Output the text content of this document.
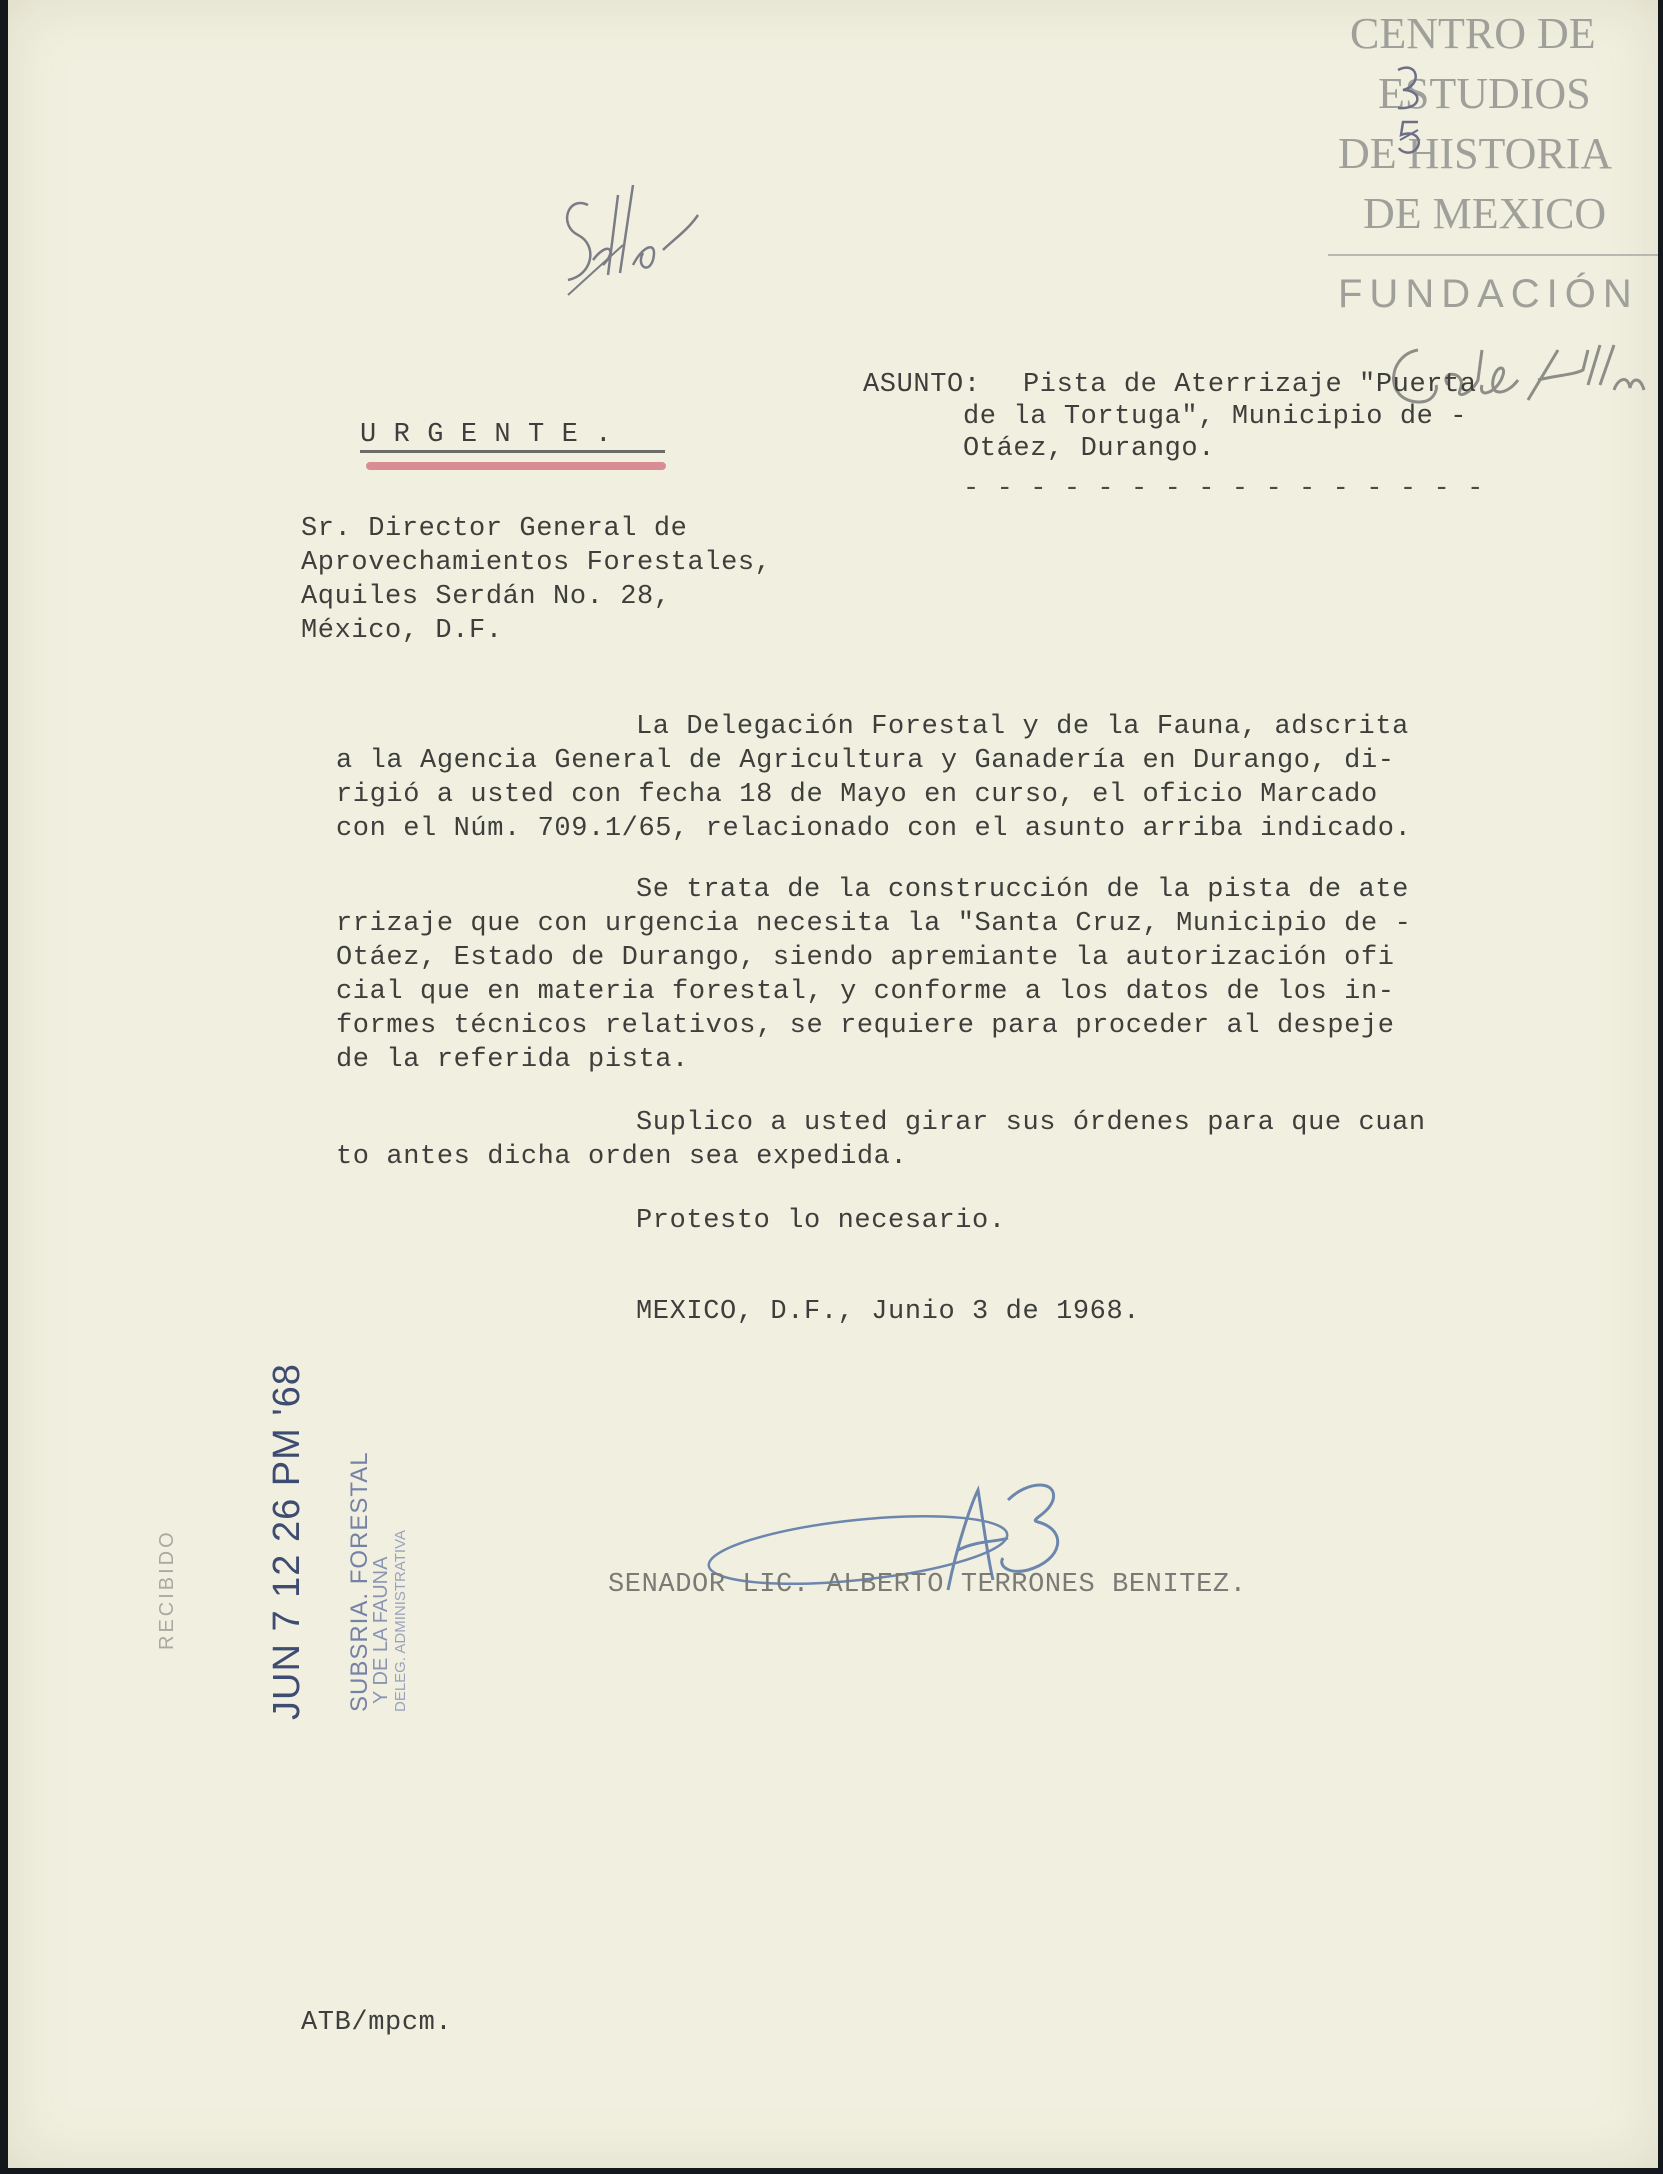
CENTRO DE
ESTUDIOS
DE HISTORIA
DE MEXICO
FUNDACIÓN
ASUNTO: Pista de Aterrizaje "Puerta
de la Tortuga", Municipio de -
Otáez, Durango.
- - - - - - - - - - - - - - - -
U R G E N T E .
Sr. Director General de
Aprovechamientos Forestales,
Aquiles Serdán No. 28,
México, D.F.
La Delegación Forestal y de la Fauna, adscrita
a la Agencia General de Agricultura y Ganadería en Durango, di-
rigió a usted con fecha 18 de Mayo en curso, el oficio Marcado
con el Núm. 709.1/65, relacionado con el asunto arriba indicado.
Se trata de la construcción de la pista de ate
rrizaje que con urgencia necesita la "Santa Cruz, Municipio de -
Otáez, Estado de Durango, siendo apremiante la autorización ofi
cial que en materia forestal, y conforme a los datos de los in-
formes técnicos relativos, se requiere para proceder al despeje
de la referida pista.
Suplico a usted girar sus órdenes para que cuan
to antes dicha orden sea expedida.
Protesto lo necesario.
MEXICO, D.F., Junio 3 de 1968.
SENADOR LIC. ALBERTO TERRONES BENITEZ.
RECIBIDO JUN 7 12 26 PM '68 SUBSRIA. FORESTAL
Y DE LA FAUNA DELEG. ADMINISTRATIVA
ATB/mpcm.
